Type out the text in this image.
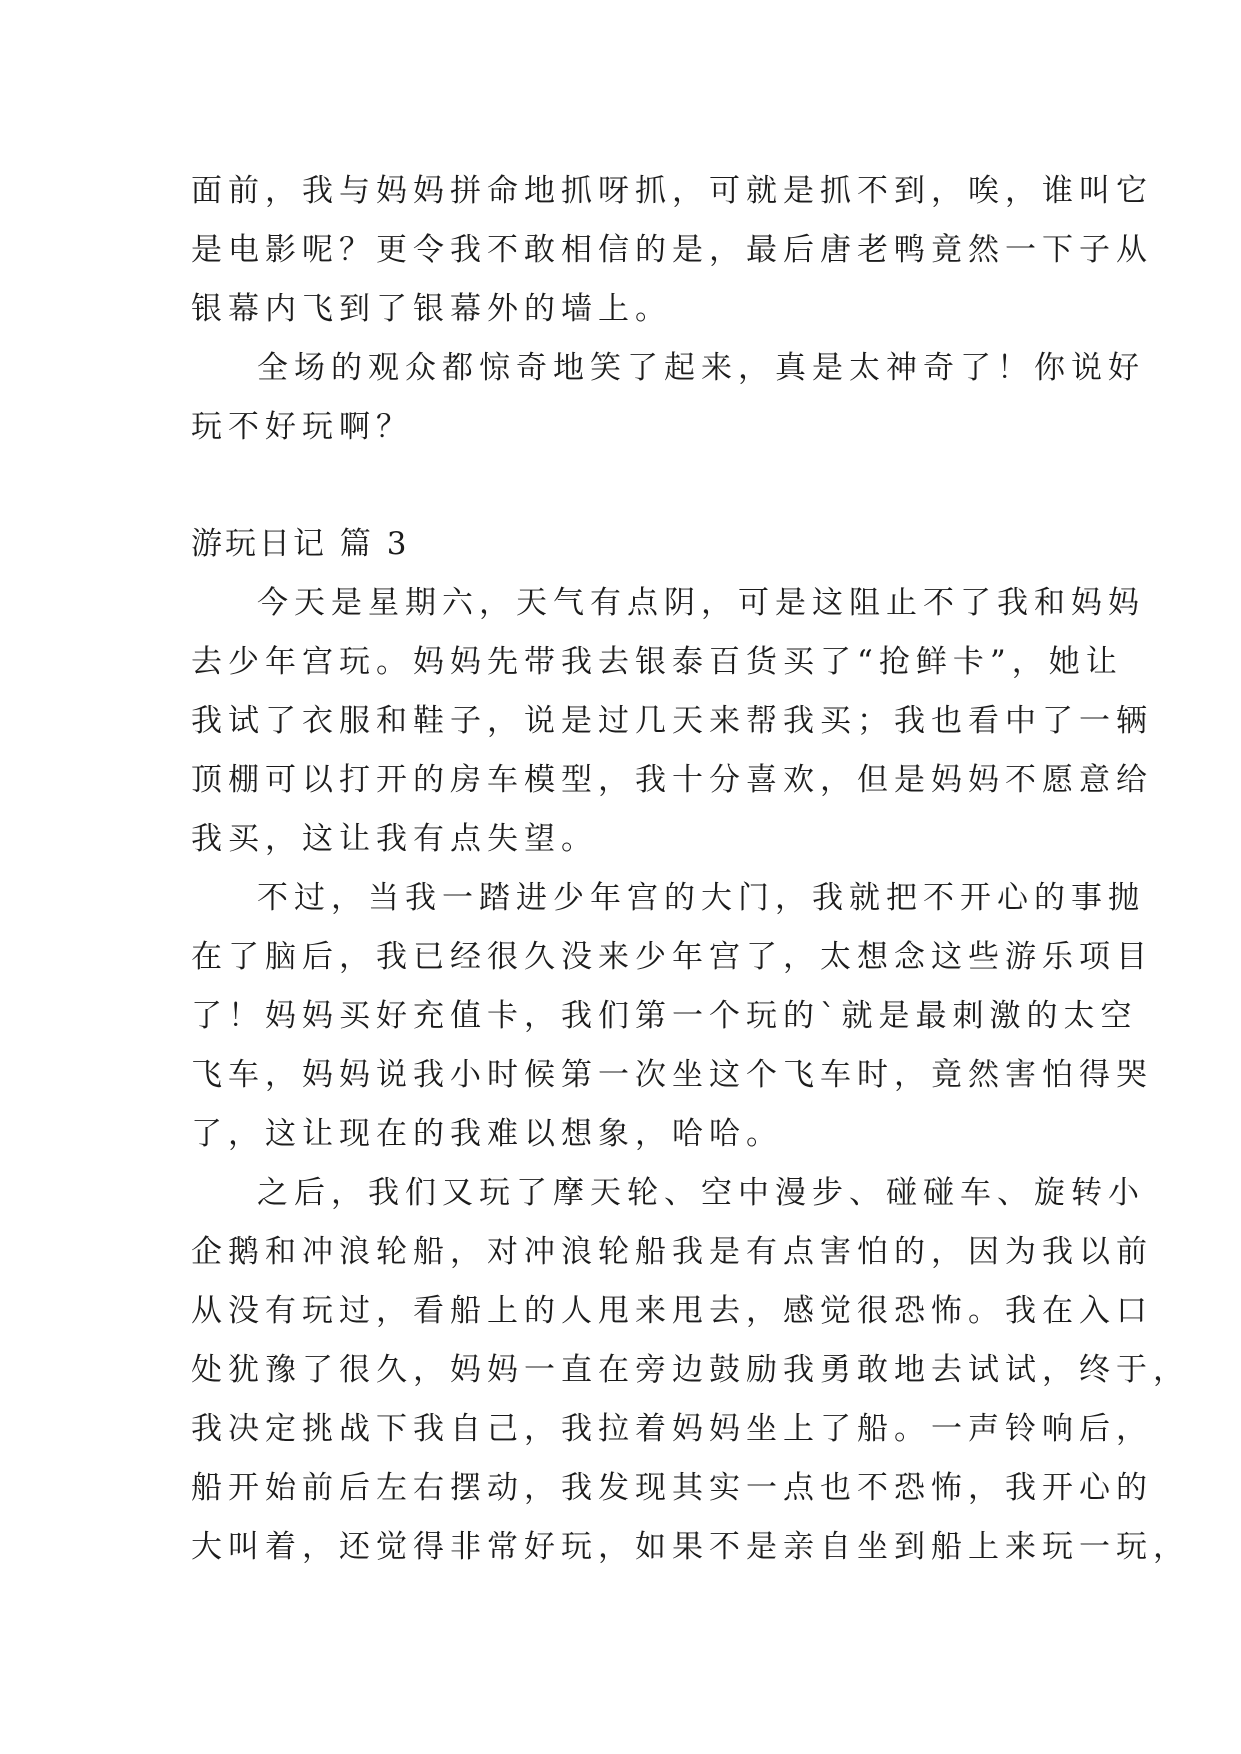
面前，我与妈妈拼命地抓呀抓，可就是抓不到，唉，谁叫它
是电影呢？更令我不敢相信的是，最后唐老鸭竟然一下子从
银幕内飞到了银幕外的墙上。
全场的观众都惊奇地笑了起来，真是太神奇了！你说好
玩不好玩啊？
游玩日记 篇 3
今天是星期六，天气有点阴，可是这阻止不了我和妈妈
去少年宫玩。妈妈先带我去银泰百货买了“抢鲜卡”，她让
我试了衣服和鞋子，说是过几天来帮我买；我也看中了一辆
顶棚可以打开的房车模型，我十分喜欢，但是妈妈不愿意给
我买，这让我有点失望。
不过，当我一踏进少年宫的大门，我就把不开心的事抛
在了脑后，我已经很久没来少年宫了，太想念这些游乐项目
了！妈妈买好充值卡，我们第一个玩的`就是最刺激的太空
飞车，妈妈说我小时候第一次坐这个飞车时，竟然害怕得哭
了，这让现在的我难以想象，哈哈。
之后，我们又玩了摩天轮、空中漫步、碰碰车、旋转小
企鹅和冲浪轮船，对冲浪轮船我是有点害怕的，因为我以前
从没有玩过，看船上的人甩来甩去，感觉很恐怖。我在入口
处犹豫了很久，妈妈一直在旁边鼓励我勇敢地去试试，终于，
我决定挑战下我自己，我拉着妈妈坐上了船。一声铃响后，
船开始前后左右摆动，我发现其实一点也不恐怖，我开心的
大叫着，还觉得非常好玩，如果不是亲自坐到船上来玩一玩，
